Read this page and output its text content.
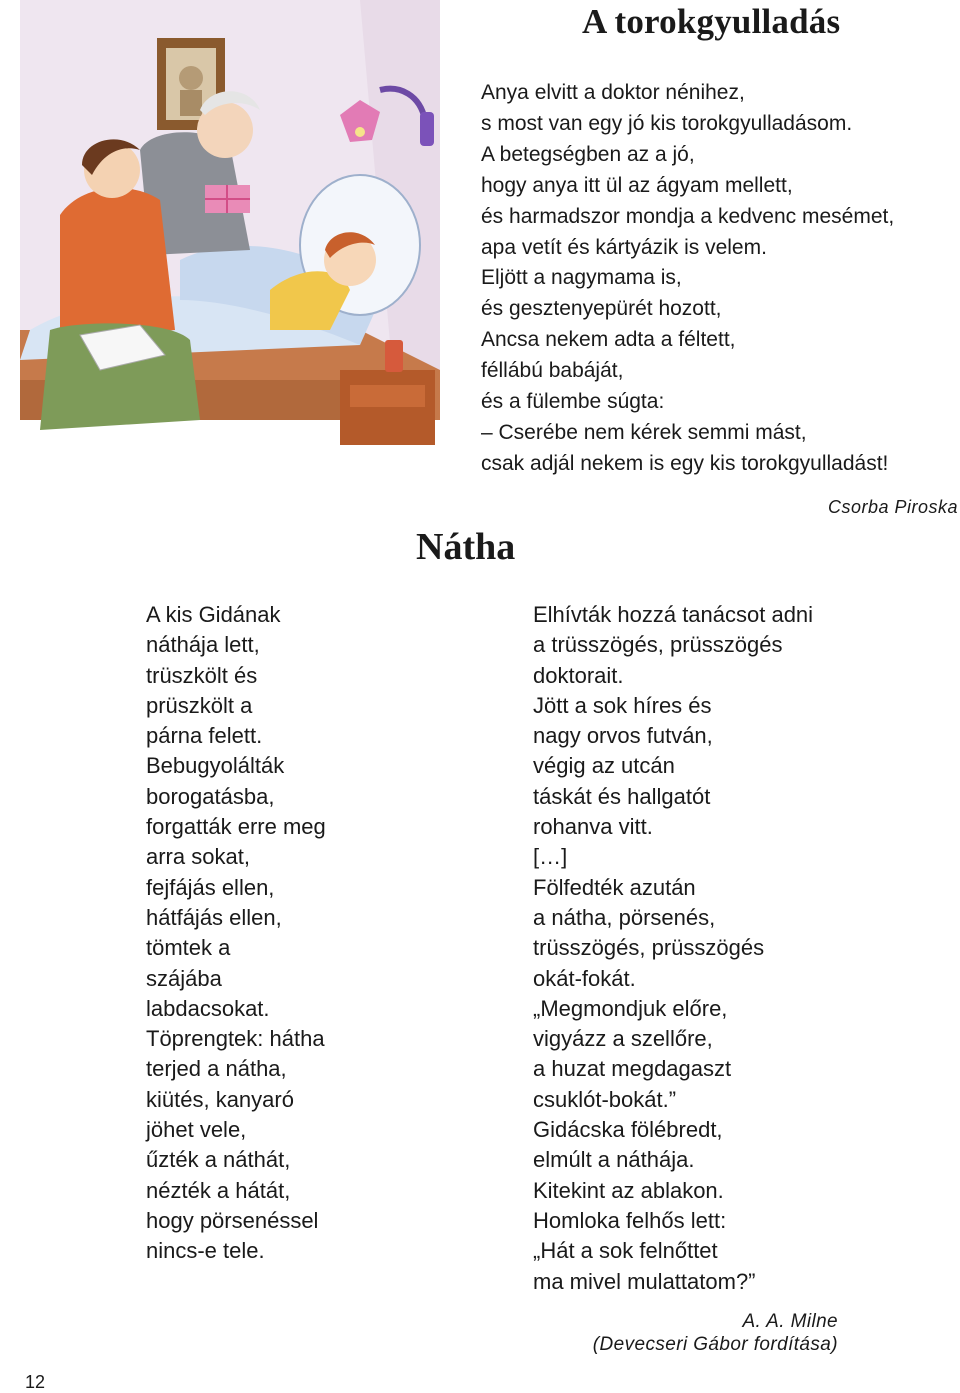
A torokgyulladás
Anya elvitt a doktor nénihez,
s most van egy jó kis torokgyulladásom.
A betegségben az a jó,
hogy anya itt ül az ágyam mellett,
és harmadszor mondja a kedvenc mesémet,
apa vetít és kártyázik is velem.
Eljött a nagymama is,
és gesztenyepürét hozott,
Ancsa nekem adta a féltett,
féllábú babáját,
és a fülembe súgta:
– Cserébe nem kérek semmi mást,
csak adjál nekem is egy kis torokgyulladást!
Csorba Piroska
Nátha
A kis Gidának
náthája lett,
trüszkölt és
prüszkölt a
párna felett.
Bebugyolálták
borogatásba,
forgatták erre meg
arra sokat,
fejfájás ellen,
hátfájás ellen,
tömtek a
szájába
labdacsokat.
Töprengtek: hátha
terjed a nátha,
kiütés, kanyaró
jöhet vele,
űzték a náthát,
nézték a hátát,
hogy pörsenéssel
nincs-e tele.
Elhívták hozzá tanácsot adni
a trüsszögés, prüsszögés
doktorait.
Jött a sok híres és
nagy orvos futván,
végig az utcán
táskát és hallgatót
rohanva vitt.
[…]
Fölfedték azután
a nátha, pörsenés,
trüsszögés, prüsszögés
okát-fokát.
„Megmondjuk előre,
vigyázz a szellőre,
a huzat megdagaszt
csuklót-bokát.”
Gidácska fölébredt,
elmúlt a náthája.
Kitekint az ablakon.
Homloka felhős lett:
„Hát a sok felnőttet
ma mivel mulattatom?”
A. A. Milne
(Devecseri Gábor fordítása)
12
